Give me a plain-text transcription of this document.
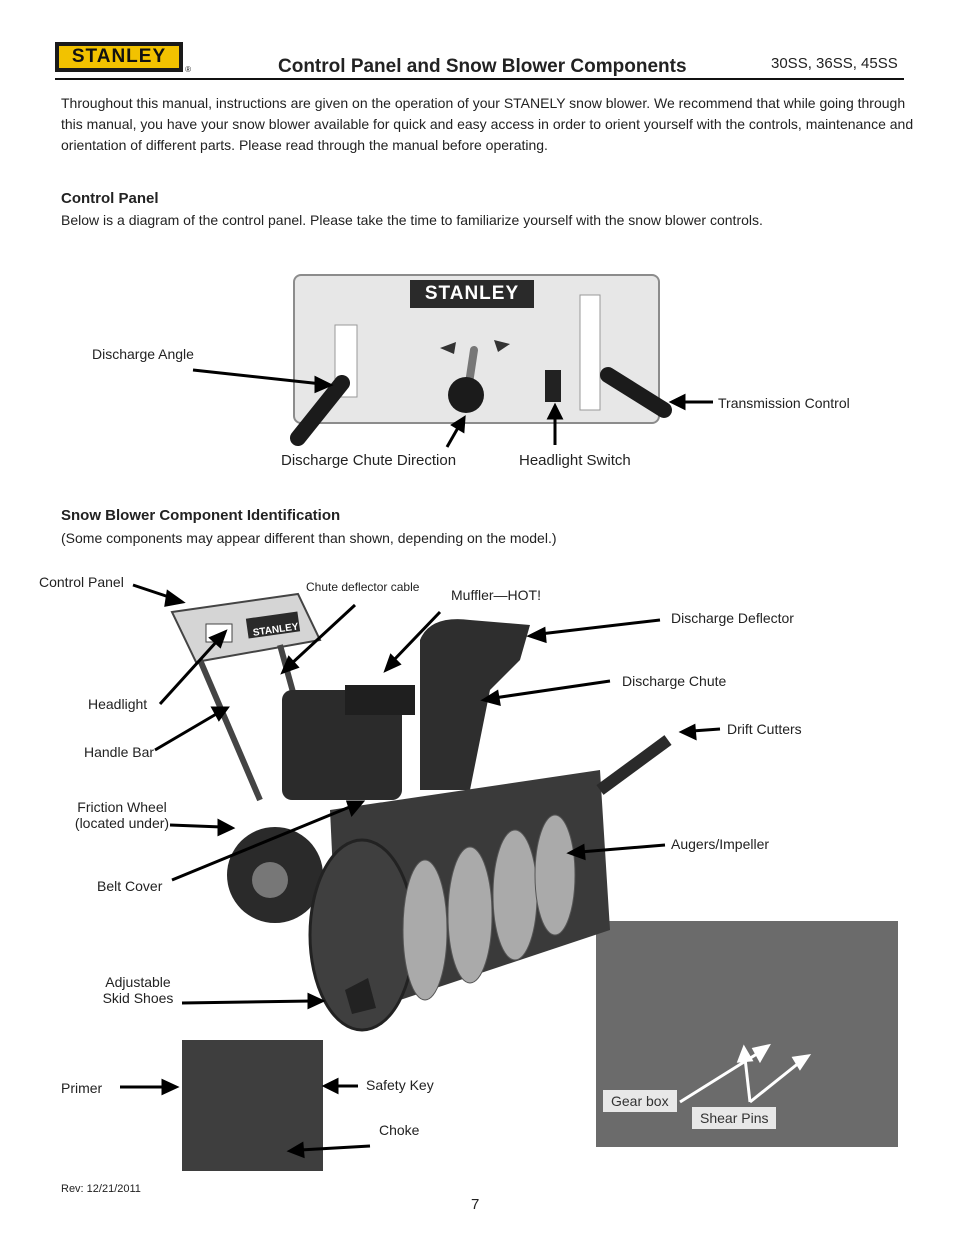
STANLEY
®	Control Panel and Snow Blower Components	30SS, 36SS, 45SS
Throughout this manual, instructions are given on the operation of your STANELY snow blower. We recommend that while going through this manual, you have your snow blower available for quick and easy access in order to orient yourself with the controls, maintenance and orientation of different parts. Please read through the manual before operating.
Control Panel
Below is a diagram of the control panel. Please take the time to familiarize yourself with the snow blower controls.
STANLEY
Discharge Angle
Transmission Control
Discharge Chute Direction	Headlight Switch
Snow Blower Component Identification
(Some components may appear different than shown, depending on the model.)
STANLEY
Control Panel	Chute deflector cable Muffler—HOT!
Discharge Deflector
Discharge Chute
Drift Cutters
Headlight
Handle Bar
Friction Wheel
(located under)
Augers/Impeller
Belt Cover
Adjustable
Skid Shoes
Primer	Safety Key
Choke
Gear box
Shear Pins
Rev: 12/21/2011
7
